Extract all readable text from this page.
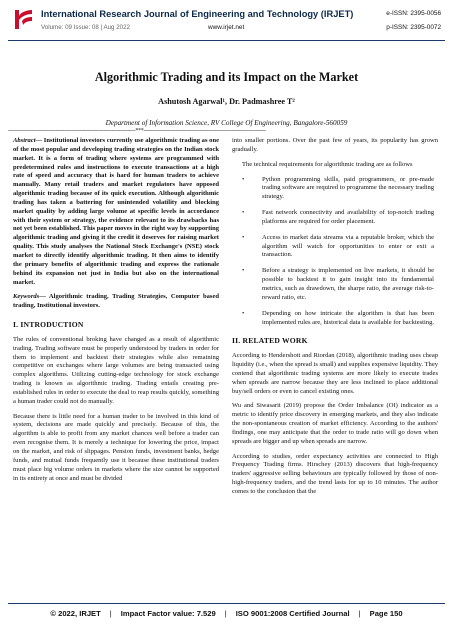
International Research Journal of Engineering and Technology (IRJET)	e-ISSN: 2395-0056
Volume: 09 Issue: 08 | Aug 2022	www.irjet.net	p-ISSN: 2395-0072
Algorithmic Trading and its Impact on the Market
Ashutosh Agarwal¹, Dr. Padmashree T²
Department of Information Science, RV College Of Engineering, Bangalore-560059
---------------------------------------------------------------------------***------------------------------------------------------------------------

Abstract— Institutional investors currently use algorithmic trading as one of the most popular and developing trading strategies on the Indian stock market. It is a form of trading where systems are programmed with predetermined rules and instructions to execute transactions at a high rate of speed and accuracy that is hard for human traders to achieve manually. Many retail traders and market regulators have opposed algorithmic trading because of its quick execution. Although algorithmic trading has taken a battering for unintended volatility and blocking market quality by adding large volume at specific levels in accordance with their system or strategy, the evidence relevant to its drawbacks has not yet been established. This paper moves in the right way by supporting algorithmic trading and giving it the credit it deserves for raising market quality. This study analyses the National Stock Exchange's (NSE) stock market to directly identify algorithmic trading. It then aims to identify the primary benefits of algorithmic trading and express the rationale behind its expansion not just in India but also on the international market.

Keywords— Algorithmic trading, Trading Strategies, Computer based trading, Institutional investors.

I. INTRODUCTION

The rules of conventional broking have changed as a result of algorithmic trading. Trading software must be properly understood by traders in order for them to implement and backtest their strategies while also remaining competitive on exchanges where large volumes are being transacted using complex algorithms. Utilizing cutting-edge technology for stock exchange trading is known as algorithmic trading. Trading entails creating pre-established rules in order to execute the deal to reap results quickly, something a human trader could not do manually.

Because there is little need for a human trader to be involved in this kind of system, decisions are made quickly and precisely. Because of this, the algorithm is able to profit from any market chances well before a trader can even recognise them. It is merely a technique for lowering the price, impact on the market, and risk of slippages. Pension funds, investment banks, hedge funds, and mutual funds frequently use it because these institutional traders must place big volume orders in markets where the size cannot be supported in its entirety at once and must be divided

into smaller portions. Over the past few of years, its popularity has grown gradually.

The technical requirements for algorithmic trading are as follows

•	Python programming skills, paid programmers, or pre-made trading software are required to programme the necessary trading strategy.
•	Fast network connectivity and availability of top-notch trading platforms are required for order placement.
•	Access to market data streams via a reputable broker, which the algorithm will watch for opportunities to enter or exit a transaction.
•	Before a strategy is implemented on live markets, it should be possible to backtest it to gain insight into its fundamental metrics, such as drawdown, the sharpe ratio, the average risk-to-reward ratio, etc.
•	Depending on how intricate the algorithm is that has been implemented rules are, historical data is available for backtesting.
II. RELATED WORK

According to Hendershott and Riordan (2018), algorithmic trading uses cheap liquidity (i.e., when the spread is small) and supplies expensive liquidity. They contend that algorithmic trading systems are more likely to execute trades when spreads are narrow because they are less inclined to place additional buy/sell orders or even to cancel existing ones.

Wu and Siwasarit (2019) propose the Order Imbalance (OI) indicator as a metric to identify price discovery in emerging markets, and they also indicate the non-spontaneous creation of market efficiency. According to the authors' findings, one may anticipate that the order to trade ratio will go down when spreads are bigger and up when spreads are narrow.

According to studies, order expectancy activities are connected to High Frequency Trading firms. Hirschey (2013) discovers that high-frequency traders' aggressive selling behaviours are typically followed by those of non-high-frequency traders, and the trend lasts for up to 10 minutes. The author comes to the conclusion that the

© 2022, IRJET | Impact Factor value: 7.529 | ISO 9001:2008 Certified Journal | Page 150
